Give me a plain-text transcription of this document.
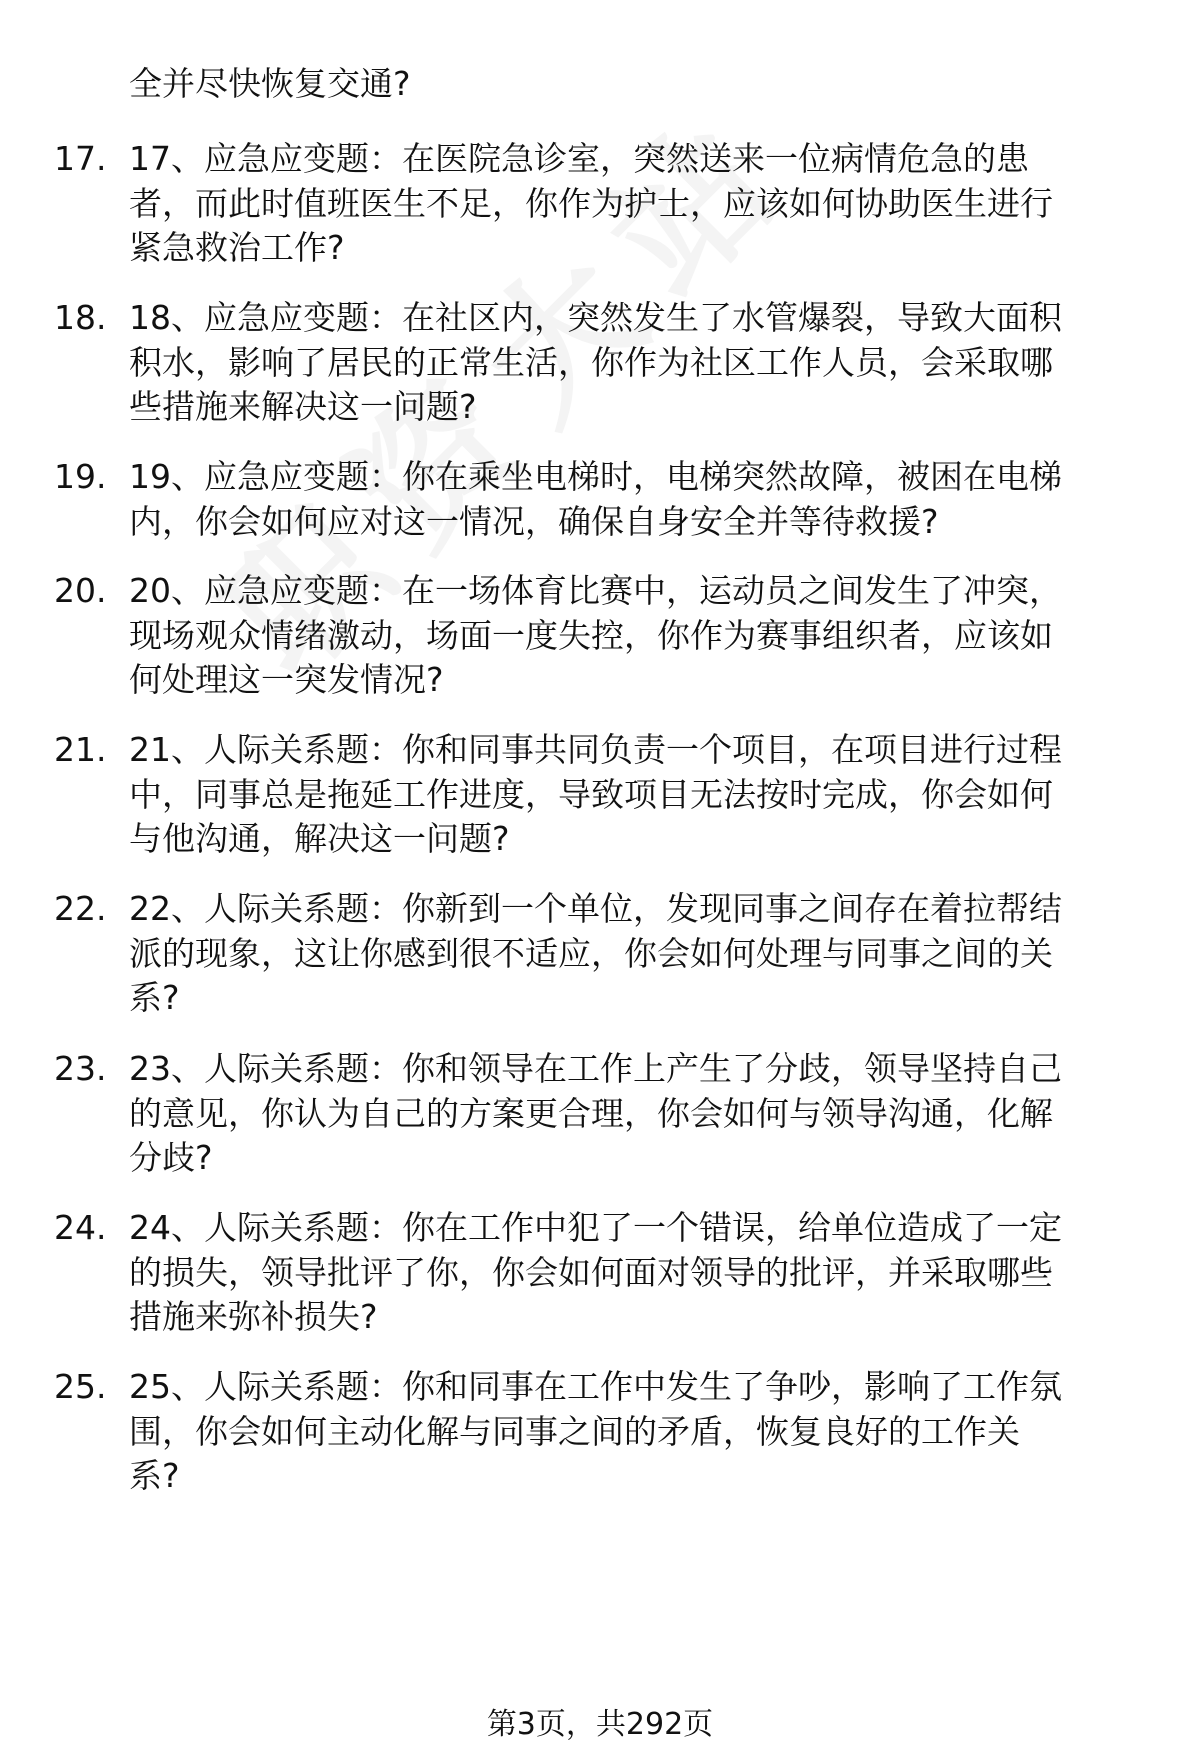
全并尽快恢复交通?
17. 17、应急应变题：在医院急诊室，突然送来一位病情危急的患
者，而此时值班医生不足，你作为护士，应该如何协助医生进行
紧急救治工作?
18. 18、应急应变题：在社区内，突然发生了水管爆裂，导致大面积
积水，影响了居民的正常生活，你作为社区工作人员，会采取哪
些措施来解决这一问题?
19. 19、应急应变题：你在乘坐电梯时，电梯突然故障，被困在电梯
内，你会如何应对这一情况，确保自身安全并等待救援?
20. 20、应急应变题：在一场体育比赛中，运动员之间发生了冲突，
现场观众情绪激动，场面一度失控，你作为赛事组织者，应该如
何处理这一突发情况?
21. 21、人际关系题：你和同事共同负责一个项目，在项目进行过程
中，同事总是拖延工作进度，导致项目无法按时完成，你会如何
与他沟通，解决这一问题?
22. 22、人际关系题：你新到一个单位，发现同事之间存在着拉帮结
派的现象，这让你感到很不适应，你会如何处理与同事之间的关
系?
23. 23、人际关系题：你和领导在工作上产生了分歧，领导坚持自己
的意见，你认为自己的方案更合理，你会如何与领导沟通，化解
分歧?
24. 24、人际关系题：你在工作中犯了一个错误，给单位造成了一定
的损失，领导批评了你，你会如何面对领导的批评，并采取哪些
措施来弥补损失?
25. 25、人际关系题：你和同事在工作中发生了争吵，影响了工作氛
围，你会如何主动化解与同事之间的矛盾，恢复良好的工作关
系?
第3页，共292页
